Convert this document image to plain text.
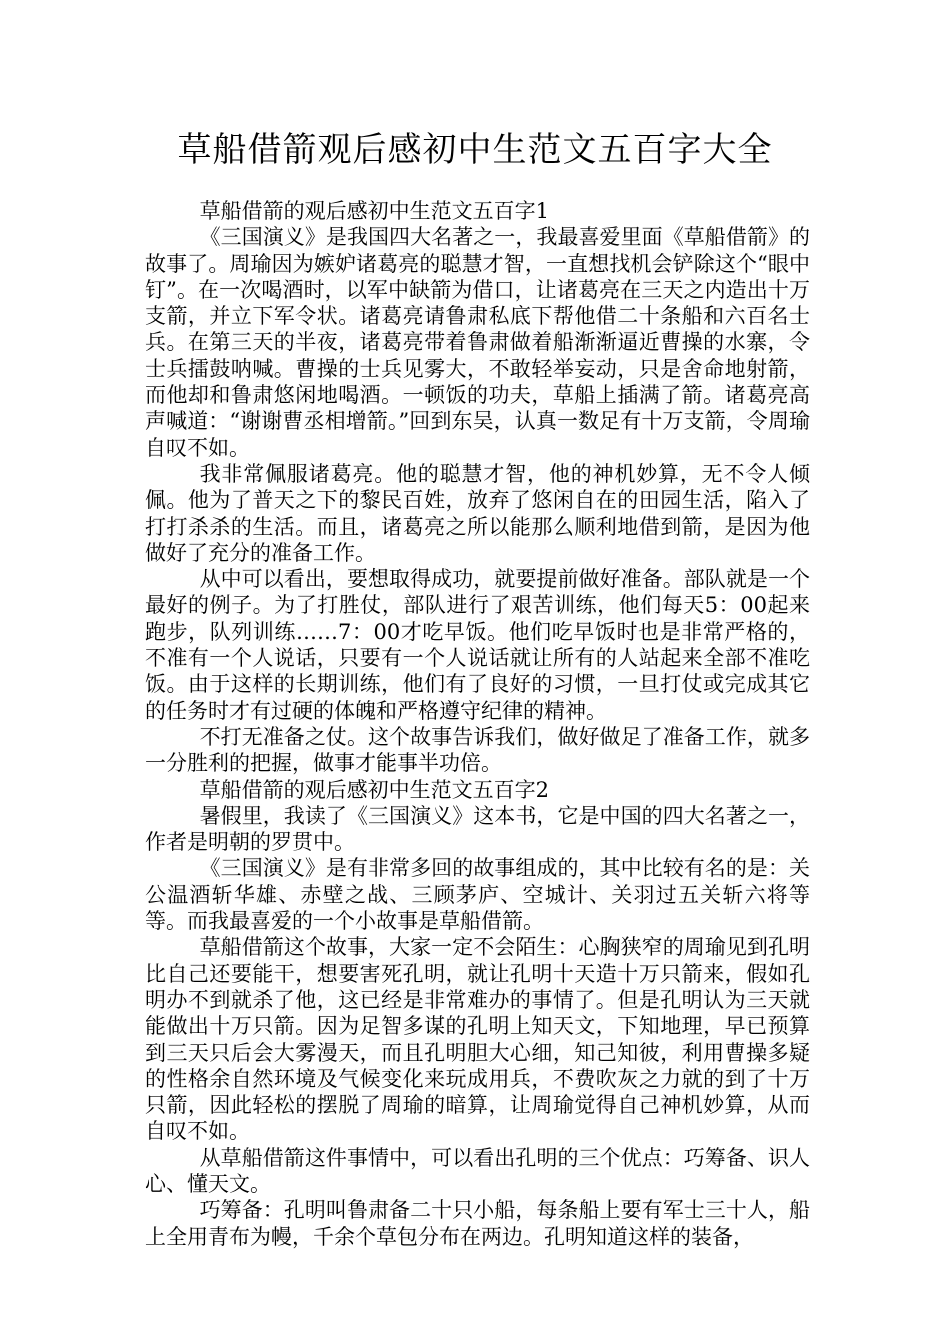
草船借箭观后感初中生范文五百字大全

草船借箭的观后感初中生范文五百字1

《三国演义》是我国四大名著之一，我最喜爱里面《草船借箭》的故事了。周瑜因为嫉妒诸葛亮的聪慧才智，一直想找机会铲除这个“眼中钉”。在一次喝酒时，以军中缺箭为借口，让诸葛亮在三天之内造出十万支箭，并立下军令状。诸葛亮请鲁肃私底下帮他借二十条船和六百名士兵。在第三天的半夜，诸葛亮带着鲁肃做着船渐渐逼近曹操的水寨，令士兵擂鼓呐喊。曹操的士兵见雾大，不敢轻举妄动，只是舍命地射箭，而他却和鲁肃悠闲地喝酒。一顿饭的功夫，草船上插满了箭。诸葛亮高声喊道：“谢谢曹丞相增箭。”回到东吴，认真一数足有十万支箭，令周瑜自叹不如。

我非常佩服诸葛亮。他的聪慧才智，他的神机妙算，无不令人倾佩。他为了普天之下的黎民百姓，放弃了悠闲自在的田园生活，陷入了打打杀杀的生活。而且，诸葛亮之所以能那么顺利地借到箭，是因为他做好了充分的准备工作。

从中可以看出，要想取得成功，就要提前做好准备。部队就是一个最好的例子。为了打胜仗，部队进行了艰苦训练，他们每天5：00起来跑步，队列训练……7：00才吃早饭。他们吃早饭时也是非常严格的，不准有一个人说话，只要有一个人说话就让所有的人站起来全部不准吃饭。由于这样的长期训练，他们有了良好的习惯，一旦打仗或完成其它的任务时才有过硬的体魄和严格遵守纪律的精神。

不打无准备之仗。这个故事告诉我们，做好做足了准备工作，就多一分胜利的把握，做事才能事半功倍。

草船借箭的观后感初中生范文五百字2

暑假里，我读了《三国演义》这本书，它是中国的四大名著之一，作者是明朝的罗贯中。

《三国演义》是有非常多回的故事组成的，其中比较有名的是：关公温酒斩华雄、赤壁之战、三顾茅庐、空城计、关羽过五关斩六将等等。而我最喜爱的一个小故事是草船借箭。

草船借箭这个故事，大家一定不会陌生：心胸狭窄的周瑜见到孔明比自己还要能干，想要害死孔明，就让孔明十天造十万只箭来，假如孔明办不到就杀了他，这已经是非常难办的事情了。但是孔明认为三天就能做出十万只箭。因为足智多谋的孔明上知天文，下知地理，早已预算到三天只后会大雾漫天，而且孔明胆大心细，知己知彼，利用曹操多疑的性格余自然环境及气候变化来玩成用兵，不费吹灰之力就的到了十万只箭，因此轻松的摆脱了周瑜的暗算，让周瑜觉得自己神机妙算，从而自叹不如。

从草船借箭这件事情中，可以看出孔明的三个优点：巧筹备、识人心、懂天文。

巧筹备：孔明叫鲁肃备二十只小船，每条船上要有军士三十人，船上全用青布为幔，千余个草包分布在两边。孔明知道这样的装备，
